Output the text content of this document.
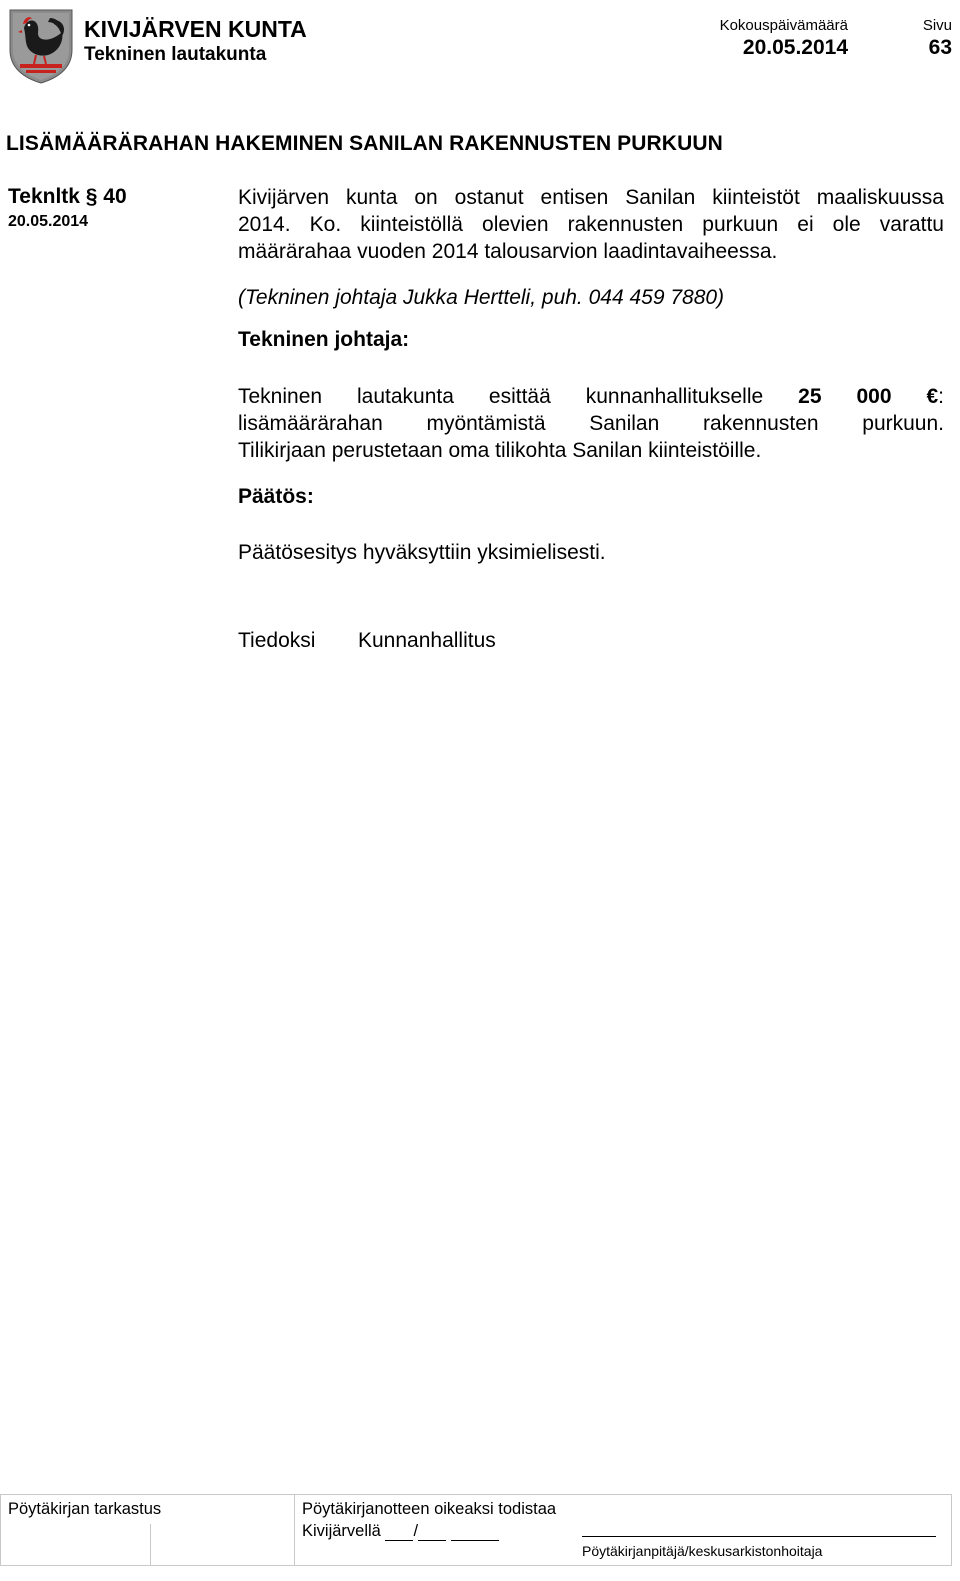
KIVIJÄRVEN KUNTA
Tekninen lautakunta
Kokouspäivämäärä
20.05.2014
Sivu
63
LISÄMÄÄRÄRAHAN HAKEMINEN SANILAN RAKENNUSTEN PURKUUN
Teknltk § 40
20.05.2014
Kivijärven kunta on ostanut entisen Sanilan kiinteistöt maaliskuussa
2014. Ko. kiinteistöllä olevien rakennusten purkuun ei ole varattu
määrärahaa vuoden 2014 talousarvion laadintavaiheessa.
(Tekninen johtaja Jukka Hertteli, puh. 044 459 7880)
Tekninen johtaja:
Tekninen lautakunta esittää kunnanhallitukselle 25 000 €:
lisämäärärahan myöntämistä Sanilan rakennusten purkuun.
Tilikirjaan perustetaan oma tilikohta Sanilan kiinteistöille.
Päätös:
Päätösesitys hyväksyttiin yksimielisesti.
Tiedoksi Kunnanhallitus
Pöytäkirjan tarkastus	Pöytäkirjanotteen oikeaksi todistaa
Kivijärvellä /
Pöytäkirjanpitäjä/keskusarkistonhoitaja
